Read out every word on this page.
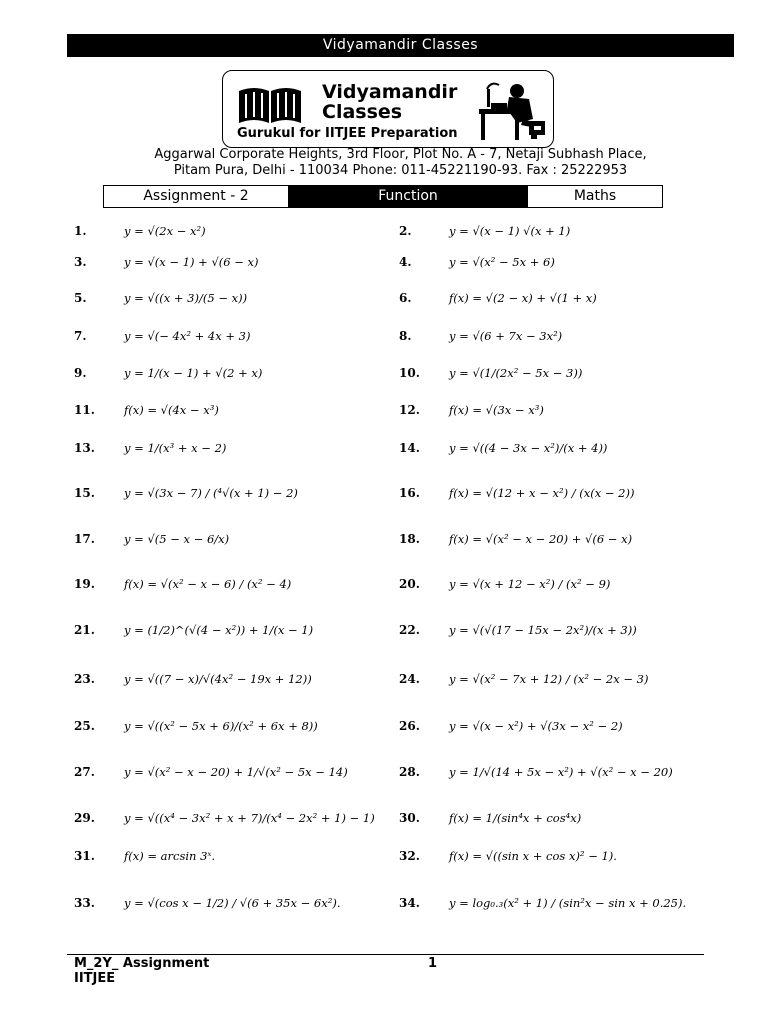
Vidyamandir Classes
Vidyamandir
Classes
Gurukul for IITJEE Preparation
Aggarwal Corporate Heights, 3rd Floor, Plot No. A - 7, Netaji Subhash Place,
Pitam Pura, Delhi - 110034 Phone: 011-45221190-93. Fax : 25222953
Assignment - 2	Function	Maths
1.	y = √(2x − x²)	2.	y = √(x − 1) √(x + 1)
3.	y = √(x − 1) + √(6 − x)	4.	y = √(x² − 5x + 6)
5.	y = √((x + 3)/(5 − x))	6.	f(x) = √(2 − x) + √(1 + x)
7.	y = √(− 4x² + 4x + 3)	8.	y = √(6 + 7x − 3x²)
9.	y = 1/(x − 1) + √(2 + x)	10.	y = √(1/(2x² − 5x − 3))
11.	f(x) = √(4x − x³)	12.	f(x) = √(3x − x³)
13.	y = 1/(x³ + x − 2)	14.	y = √((4 − 3x − x²)/(x + 4))
15.	y = √(3x − 7) / (⁴√(x + 1) − 2)	16.	f(x) = √(12 + x − x²) / (x(x − 2))
17.	y = √(5 − x − 6/x)	18.	f(x) = √(x² − x − 20) + √(6 − x)
19.	f(x) = √(x² − x − 6) / (x² − 4)	20.	y = √(x + 12 − x²) / (x² − 9)
21.	y = (1/2)^(√(4 − x²)) + 1/(x − 1)	22.	y = √(√(17 − 15x − 2x²)/(x + 3))
23.	y = √((7 − x)/√(4x² − 19x + 12))	24.	y = √(x² − 7x + 12) / (x² − 2x − 3)
25.	y = √((x² − 5x + 6)/(x² + 6x + 8))	26.	y = √(x − x²) + √(3x − x² − 2)
27.	y = √(x² − x − 20) + 1/√(x² − 5x − 14)	28.	y = 1/√(14 + 5x − x²) + √(x² − x − 20)
29.	y = √((x⁴ − 3x² + x + 7)/(x⁴ − 2x² + 1) − 1) 30.	f(x) = 1/(sin⁴x + cos⁴x)
31.	f(x) = arcsin 3ˣ.	32.	f(x) = √((sin x + cos x)² − 1).
33.	y = √(cos x − 1/2) / √(6 + 35x − 6x²).	34.	y = log₀.₃(x² + 1) / (sin²x − sin x + 0.25).
M_2Y_ Assignment
IITJEE
1
